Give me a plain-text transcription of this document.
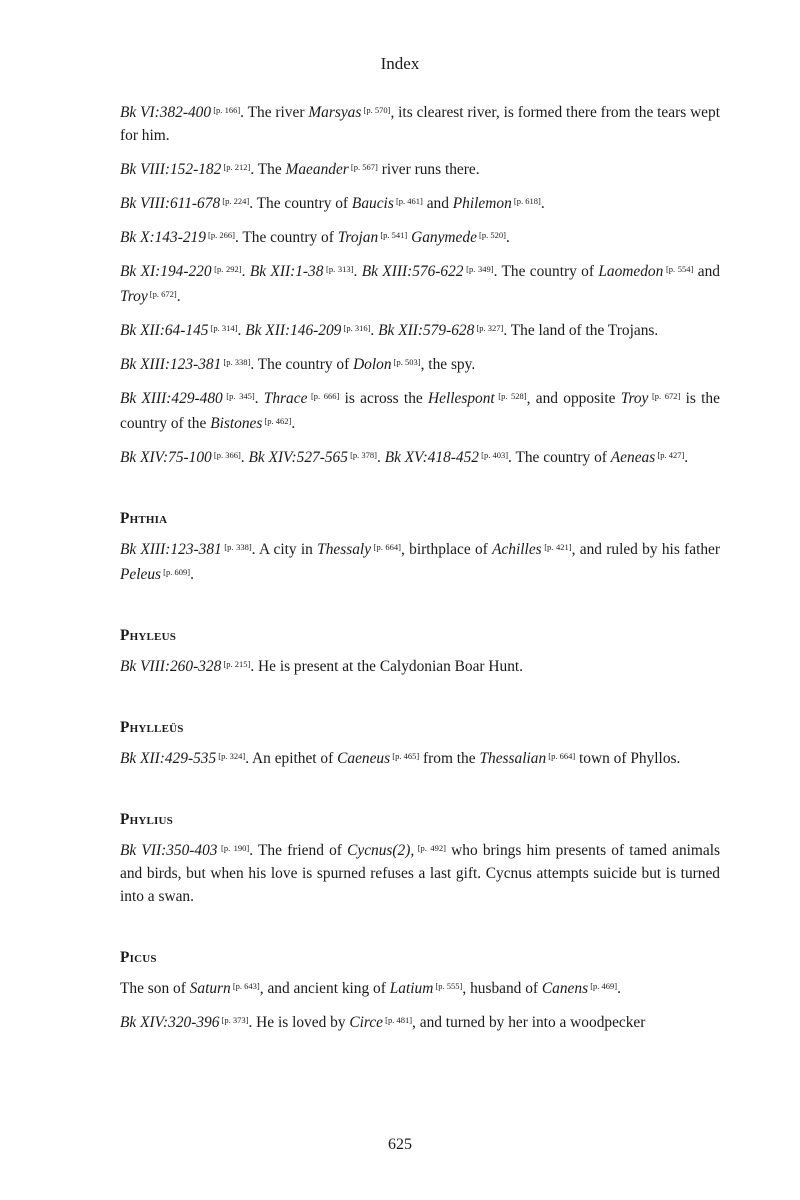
Index

Bk VI:382-400 [p. 166]. The river Marsyas [p. 570], its clearest river, is formed there from the tears wept for him.

Bk VIII:152-182 [p. 212]. The Maeander [p. 567] river runs there.

Bk VIII:611-678 [p. 224]. The country of Baucis [p. 461] and Philemon [p. 618].

Bk X:143-219 [p. 266]. The country of Trojan [p. 541] Ganymede [p. 520].

Bk XI:194-220 [p. 292]. Bk XII:1-38 [p. 313]. Bk XIII:576-622 [p. 349]. The country of Laomedon [p. 554] and Troy [p. 672].

Bk XII:64-145 [p. 314]. Bk XII:146-209 [p. 316]. Bk XII:579-628 [p. 327]. The land of the Trojans.

Bk XIII:123-381 [p. 338]. The country of Dolon [p. 503], the spy.

Bk XIII:429-480 [p. 345]. Thrace [p. 666] is across the Hellespont [p. 528], and opposite Troy [p. 672] is the country of the Bistones [p. 462].

Bk XIV:75-100 [p. 366]. Bk XIV:527-565 [p. 378]. Bk XV:418-452 [p. 403]. The country of Aeneas [p. 427].

Phthia

Bk XIII:123-381 [p. 338]. A city in Thessaly [p. 664], birthplace of Achilles [p. 421], and ruled by his father Peleus [p. 609].

Phyleus

Bk VIII:260-328 [p. 215]. He is present at the Calydonian Boar Hunt.

Phylleüs

Bk XII:429-535 [p. 324]. An epithet of Caeneus [p. 465] from the Thessalian [p. 664] town of Phyllos.

Phylius

Bk VII:350-403 [p. 190]. The friend of Cycnus(2), [p. 492] who brings him presents of tamed animals and birds, but when his love is spurned refuses a last gift. Cycnus attempts suicide but is turned into a swan.

Picus

The son of Saturn [p. 643], and ancient king of Latium [p. 555], husband of Canens [p. 469].

Bk XIV:320-396 [p. 373]. He is loved by Circe [p. 481], and turned by her into a woodpecker

625
